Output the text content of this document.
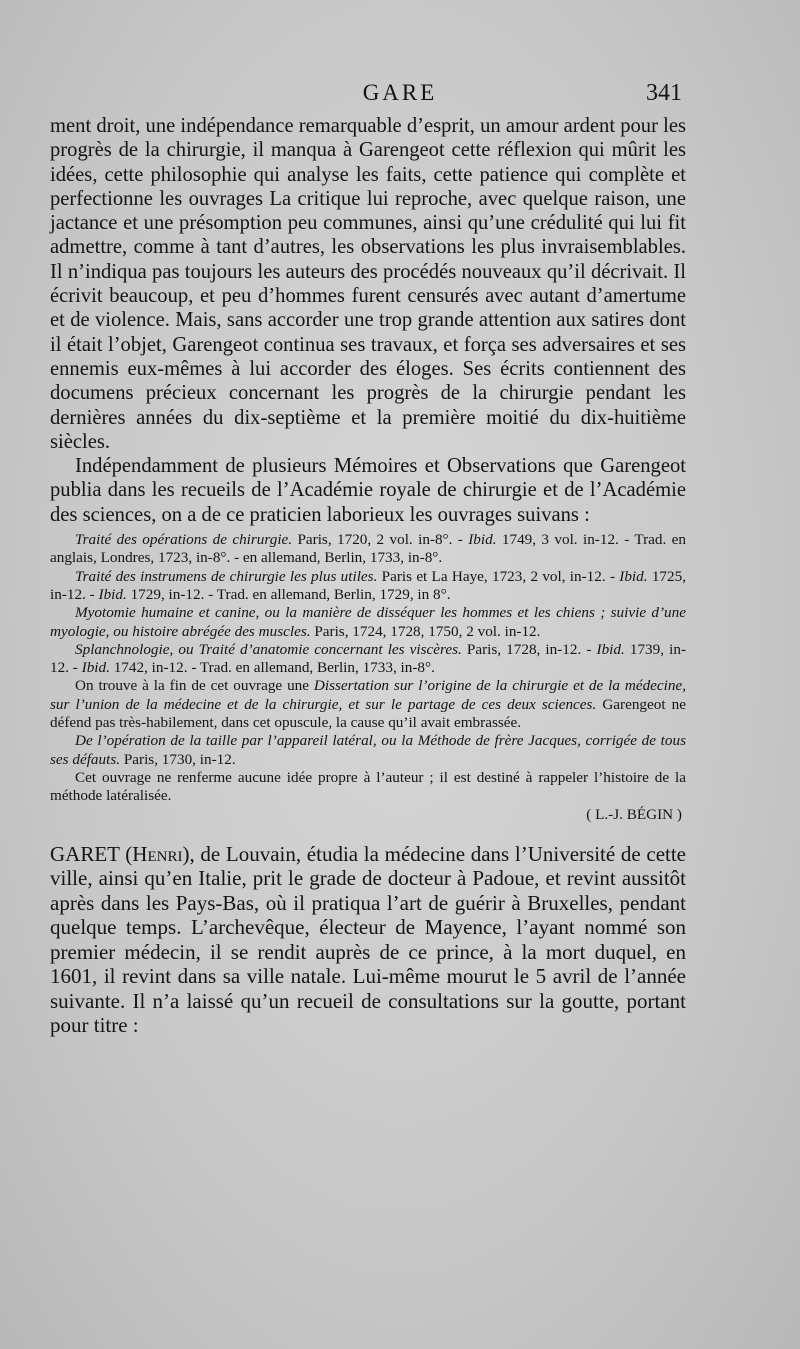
GARE	341

ment droit, une indépendance remarquable d’esprit, un amour ardent pour les progrès de la chirurgie, il manqua à Garengeot cette réflexion qui mûrit les idées, cette philosophie qui analyse les faits, cette patience qui complète et perfectionne les ouvrages La critique lui reproche, avec quelque raison, une jactance et une présomption peu communes, ainsi qu’une crédulité qui lui fit admettre, comme à tant d’autres, les observations les plus invraisemblables. Il n’indiqua pas toujours les auteurs des procédés nouveaux qu’il décrivait. Il écrivit beaucoup, et peu d’hommes furent censurés avec autant d’amertume et de violence. Mais, sans accorder une trop grande attention aux satires dont il était l’objet, Garengeot continua ses travaux, et força ses adversaires et ses ennemis eux-mêmes à lui accorder des éloges. Ses écrits contiennent des documens précieux concernant les progrès de la chirurgie pendant les dernières années du dix-septième et la première moitié du dix-huitième siècles.

Indépendamment de plusieurs Mémoires et Observations que Garengeot publia dans les recueils de l’Académie royale de chirurgie et de l’Académie des sciences, on a de ce praticien laborieux les ouvrages suivans :

Traité des opérations de chirurgie. Paris, 1720, 2 vol. in-8°. - Ibid. 1749, 3 vol. in-12. - Trad. en anglais, Londres, 1723, in-8°. - en allemand, Berlin, 1733, in-8°.

Traité des instrumens de chirurgie les plus utiles. Paris et La Haye, 1723, 2 vol, in-12. - Ibid. 1725, in-12. - Ibid. 1729, in-12. - Trad. en allemand, Berlin, 1729, in 8°.

Myotomie humaine et canine, ou la manière de disséquer les hommes et les chiens ; suivie d’une myologie, ou histoire abrégée des muscles. Paris, 1724, 1728, 1750, 2 vol. in-12.

Splanchnologie, ou Traité d’anatomie concernant les viscères. Paris, 1728, in-12. - Ibid. 1739, in-12. - Ibid. 1742, in-12. - Trad. en allemand, Berlin, 1733, in-8°.

On trouve à la fin de cet ouvrage une Dissertation sur l’origine de la chirurgie et de la médecine, sur l’union de la médecine et de la chirurgie, et sur le partage de ces deux sciences. Garengeot ne défend pas très-habilement, dans cet opuscule, la cause qu’il avait embrassée.

De l’opération de la taille par l’appareil latéral, ou la Méthode de frère Jacques, corrigée de tous ses défauts. Paris, 1730, in-12.

Cet ouvrage ne renferme aucune idée propre à l’auteur ; il est destiné à rappeler l’histoire de la méthode latéralisée.

( L.-J. BÉGIN )

GARET (Henri), de Louvain, étudia la médecine dans l’Université de cette ville, ainsi qu’en Italie, prit le grade de docteur à Padoue, et revint aussitôt après dans les Pays-Bas, où il pratiqua l’art de guérir à Bruxelles, pendant quelque temps. L’archevêque, électeur de Mayence, l’ayant nommé son premier médecin, il se rendit auprès de ce prince, à la mort duquel, en 1601, il revint dans sa ville natale. Lui-même mourut le 5 avril de l’année suivante. Il n’a laissé qu’un recueil de consultations sur la goutte, portant pour titre :
